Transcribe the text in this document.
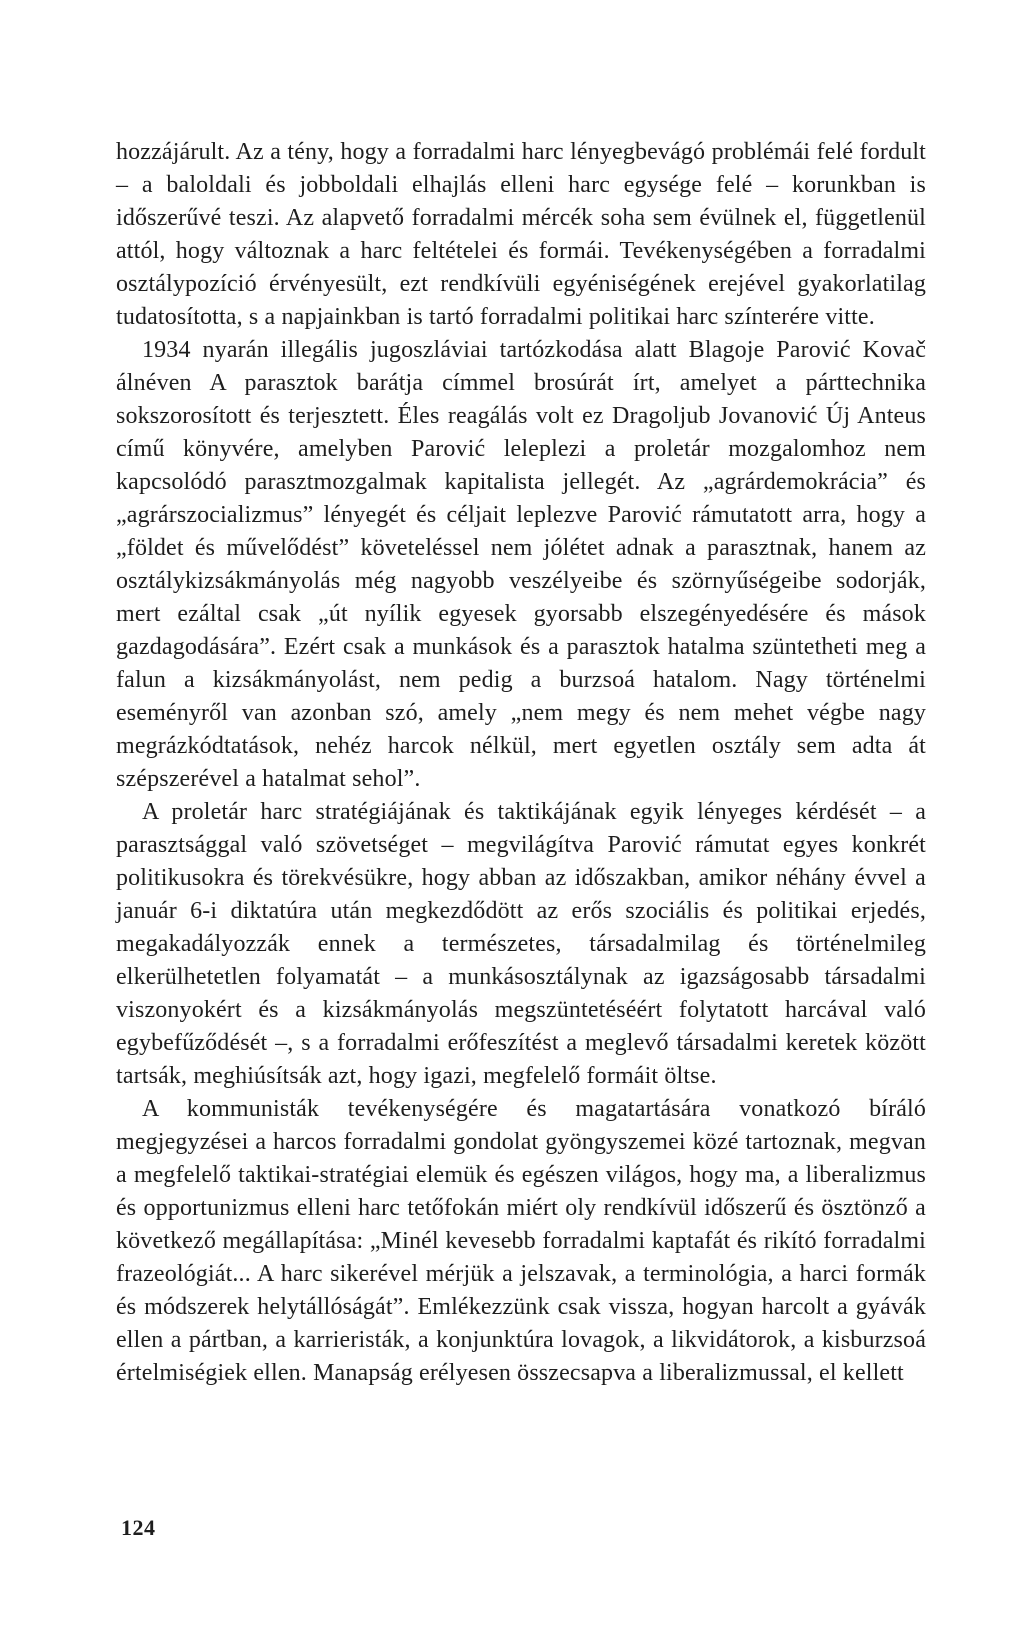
hozzájárult. Az a tény, hogy a forradalmi harc lényegbevágó problémái felé fordult – a baloldali és jobboldali elhajlás elleni harc egysége felé – korunkban is időszerűvé teszi. Az alapvető forradalmi mércék soha sem évülnek el, függetlenül attól, hogy változnak a harc feltételei és formái. Tevékenységében a forradalmi osztálypozíció érvényesült, ezt rendkívüli egyéniségének erejével gyakorlatilag tudatosította, s a napjainkban is tartó forradalmi politikai harc színterére vitte.

1934 nyarán illegális jugoszláviai tartózkodása alatt Blagoje Parović Kovač álnéven A parasztok barátja címmel brosúrát írt, amelyet a párttechnika sokszorosított és terjesztett. Éles reagálás volt ez Dragoljub Jovanović Új Anteus című könyvére, amelyben Parović leleplezi a proletár mozgalomhoz nem kapcsolódó parasztmozgalmak kapitalista jellegét. Az „agrárdemokrácia” és „agrárszocializmus” lényegét és céljait leplezve Parović rámutatott arra, hogy a „földet és művelődést” követeléssel nem jólétet adnak a parasztnak, hanem az osztálykizsákmányolás még nagyobb veszélyeibe és szörnyűségeibe sodorják, mert ezáltal csak „út nyílik egyesek gyorsabb elszegényedésére és mások gazdagodására”. Ezért csak a munkások és a parasztok hatalma szüntetheti meg a falun a kizsákmányolást, nem pedig a burzsoá hatalom. Nagy történelmi eseményről van azonban szó, amely „nem megy és nem mehet végbe nagy megrázkódtatások, nehéz harcok nélkül, mert egyetlen osztály sem adta át szépszerével a hatalmat sehol”.

A proletár harc stratégiájának és taktikájának egyik lényeges kérdését – a parasztsággal való szövetséget – megvilágítva Parović rámutat egyes konkrét politikusokra és törekvésükre, hogy abban az időszakban, amikor néhány évvel a január 6-i diktatúra után megkezdődött az erős szociális és politikai erjedés, megakadályozzák ennek a természetes, társadalmilag és történelmileg elkerülhetetlen folyamatát – a munkásosztálynak az igazságosabb társadalmi viszonyokért és a kizsákmányolás megszüntetéséért folytatott harcával való egybefűződését –, s a forradalmi erőfeszítést a meglevő társadalmi keretek között tartsák, meghiúsítsák azt, hogy igazi, megfelelő formáit öltse.

A kommunisták tevékenységére és magatartására vonatkozó bíráló megjegyzései a harcos forradalmi gondolat gyöngyszemei közé tartoznak, megvan a megfelelő taktikai-stratégiai elemük és egészen világos, hogy ma, a liberalizmus és opportunizmus elleni harc tetőfokán miért oly rendkívül időszerű és ösztönző a következő megállapítása: „Minél kevesebb forradalmi kaptafát és rikító forradalmi frazeológiát... A harc sikerével mérjük a jelszavak, a terminológia, a harci formák és módszerek helytállóságát”. Emlékezzünk csak vissza, hogyan harcolt a gyávák ellen a pártban, a karrieristák, a konjunktúra lovagok, a likvidátorok, a kisburzsoá értelmiségiek ellen. Manapság erélyesen összecsapva a liberalizmussal, el kellett

124
